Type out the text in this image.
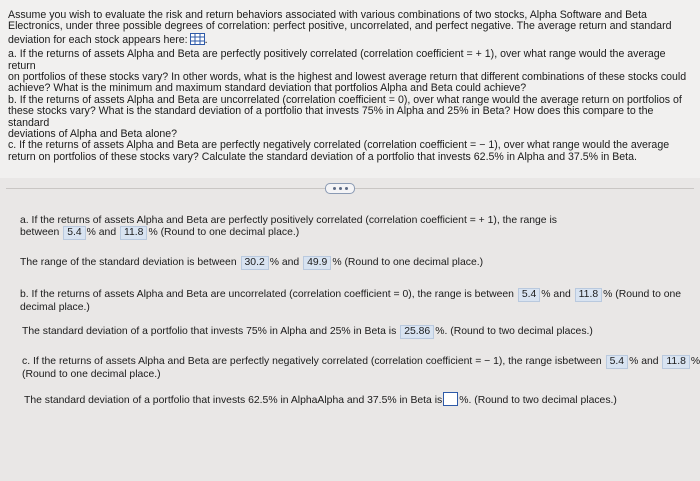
Assume you wish to evaluate the risk and return behaviors associated with various combinations of two stocks, Alpha Software and Beta

Electronics, under three possible degrees of correlation: perfect positive, uncorrelated, and perfect negative. The average return and standard

deviation for each stock appears here: .

a. If the returns of assets Alpha and Beta are perfectly positively correlated (correlation coefficient = + 1), over what range would the average return

on portfolios of these stocks vary? In other words, what is the highest and lowest average return that different combinations of these stocks could

achieve? What is the minimum and maximum standard deviation that portfolios Alpha and Beta could achieve?

b. If the returns of assets Alpha and Beta are uncorrelated (correlation coefficient = 0), over what range would the average return on portfolios of

these stocks vary? What is the standard deviation of a portfolio that invests 75% in Alpha and 25% in Beta? How does this compare to the standard

deviations of Alpha and Beta alone?

c. If the returns of assets Alpha and Beta are perfectly negatively correlated (correlation coefficient = − 1), over what range would the average

return on portfolios of these stocks vary? Calculate the standard deviation of a portfolio that invests 62.5% in Alpha and 37.5% in Beta.

a. If the returns of assets Alpha and Beta are perfectly positively correlated (correlation coefficient = + 1), the range is
between 5.4 % and 11.8 % (Round to one decimal place.)
The range of the standard deviation is between 30.2 % and 49.9 % (Round to one decimal place.)
b. If the returns of assets Alpha and Beta are uncorrelated (correlation coefficient = 0), the range is between 5.4 % and 11.8 % (Round to one
decimal place.)
The standard deviation of a portfolio that invests 75% in Alpha and 25% in Beta is 25.86 %. (Round to two decimal places.)
c. If the returns of assets Alpha and Beta are perfectly negatively correlated (correlation coefficient = − 1), the range isbetween 5.4 % and 11.8 %
(Round to one decimal place.)
The standard deviation of a portfolio that invests 62.5% in AlphaAlpha and 37.5% in Beta is %. (Round to two decimal places.)
